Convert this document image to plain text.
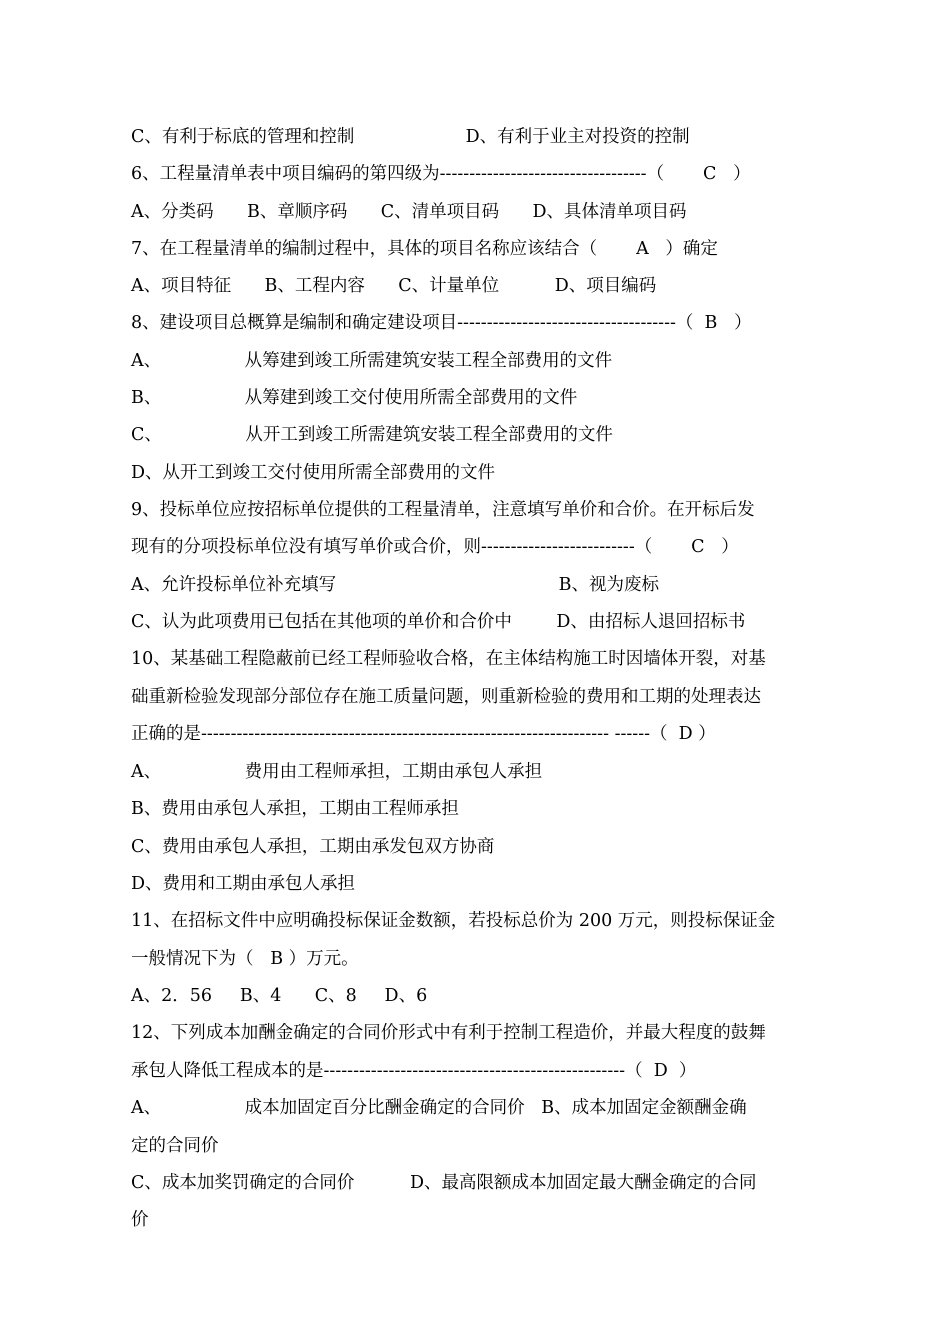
C、有利于标底的管理和控制                    D、有利于业主对投资的控制

6、工程量清单表中项目编码的第四级为-----------------------------------（       C   ）

A、分类码      B、章顺序码      C、清单项目码      D、具体清单项目码

7、在工程量清单的编制过程中，具体的项目名称应该结合（       A   ）确定

A、项目特征      B、工程内容      C、计量单位          D、项目编码

8、建设项目总概算是编制和确定建设项目-------------------------------------（  B   ）

A、               从筹建到竣工所需建筑安装工程全部费用的文件

B、               从筹建到竣工交付使用所需全部费用的文件

C、               从开工到竣工所需建筑安装工程全部费用的文件

D、从开工到竣工交付使用所需全部费用的文件

9、投标单位应按招标单位提供的工程量清单，注意填写单价和合价。在开标后发

现有的分项投标单位没有填写单价或合价，则--------------------------（       C   ）

A、允许投标单位补充填写                                        B、视为废标

C、认为此项费用已包括在其他项的单价和合价中        D、由招标人退回招标书

10、某基础工程隐蔽前已经工程师验收合格，在主体结构施工时因墙体开裂，对基

础重新检验发现部分部位存在施工质量问题，则重新检验的费用和工期的处理表达

正确的是--------------------------------------------------------------------- ------（  D ）

A、               费用由工程师承担，工期由承包人承担

B、费用由承包人承担，工期由工程师承担

C、费用由承包人承担，工期由承发包双方协商

D、费用和工期由承包人承担

11、在招标文件中应明确投标保证金数额，若投标总价为 200 万元，则投标保证金

一般情况下为（   B ）万元。

A、2．56     B、4      C、8     D、6

12、下列成本加酬金确定的合同价形式中有利于控制工程造价，并最大程度的鼓舞

承包人降低工程成本的是---------------------------------------------------（  D  ）

A、               成本加固定百分比酬金确定的合同价   B、成本加固定金额酬金确

定的合同价

C、成本加奖罚确定的合同价          D、最高限额成本加固定最大酬金确定的合同

价
